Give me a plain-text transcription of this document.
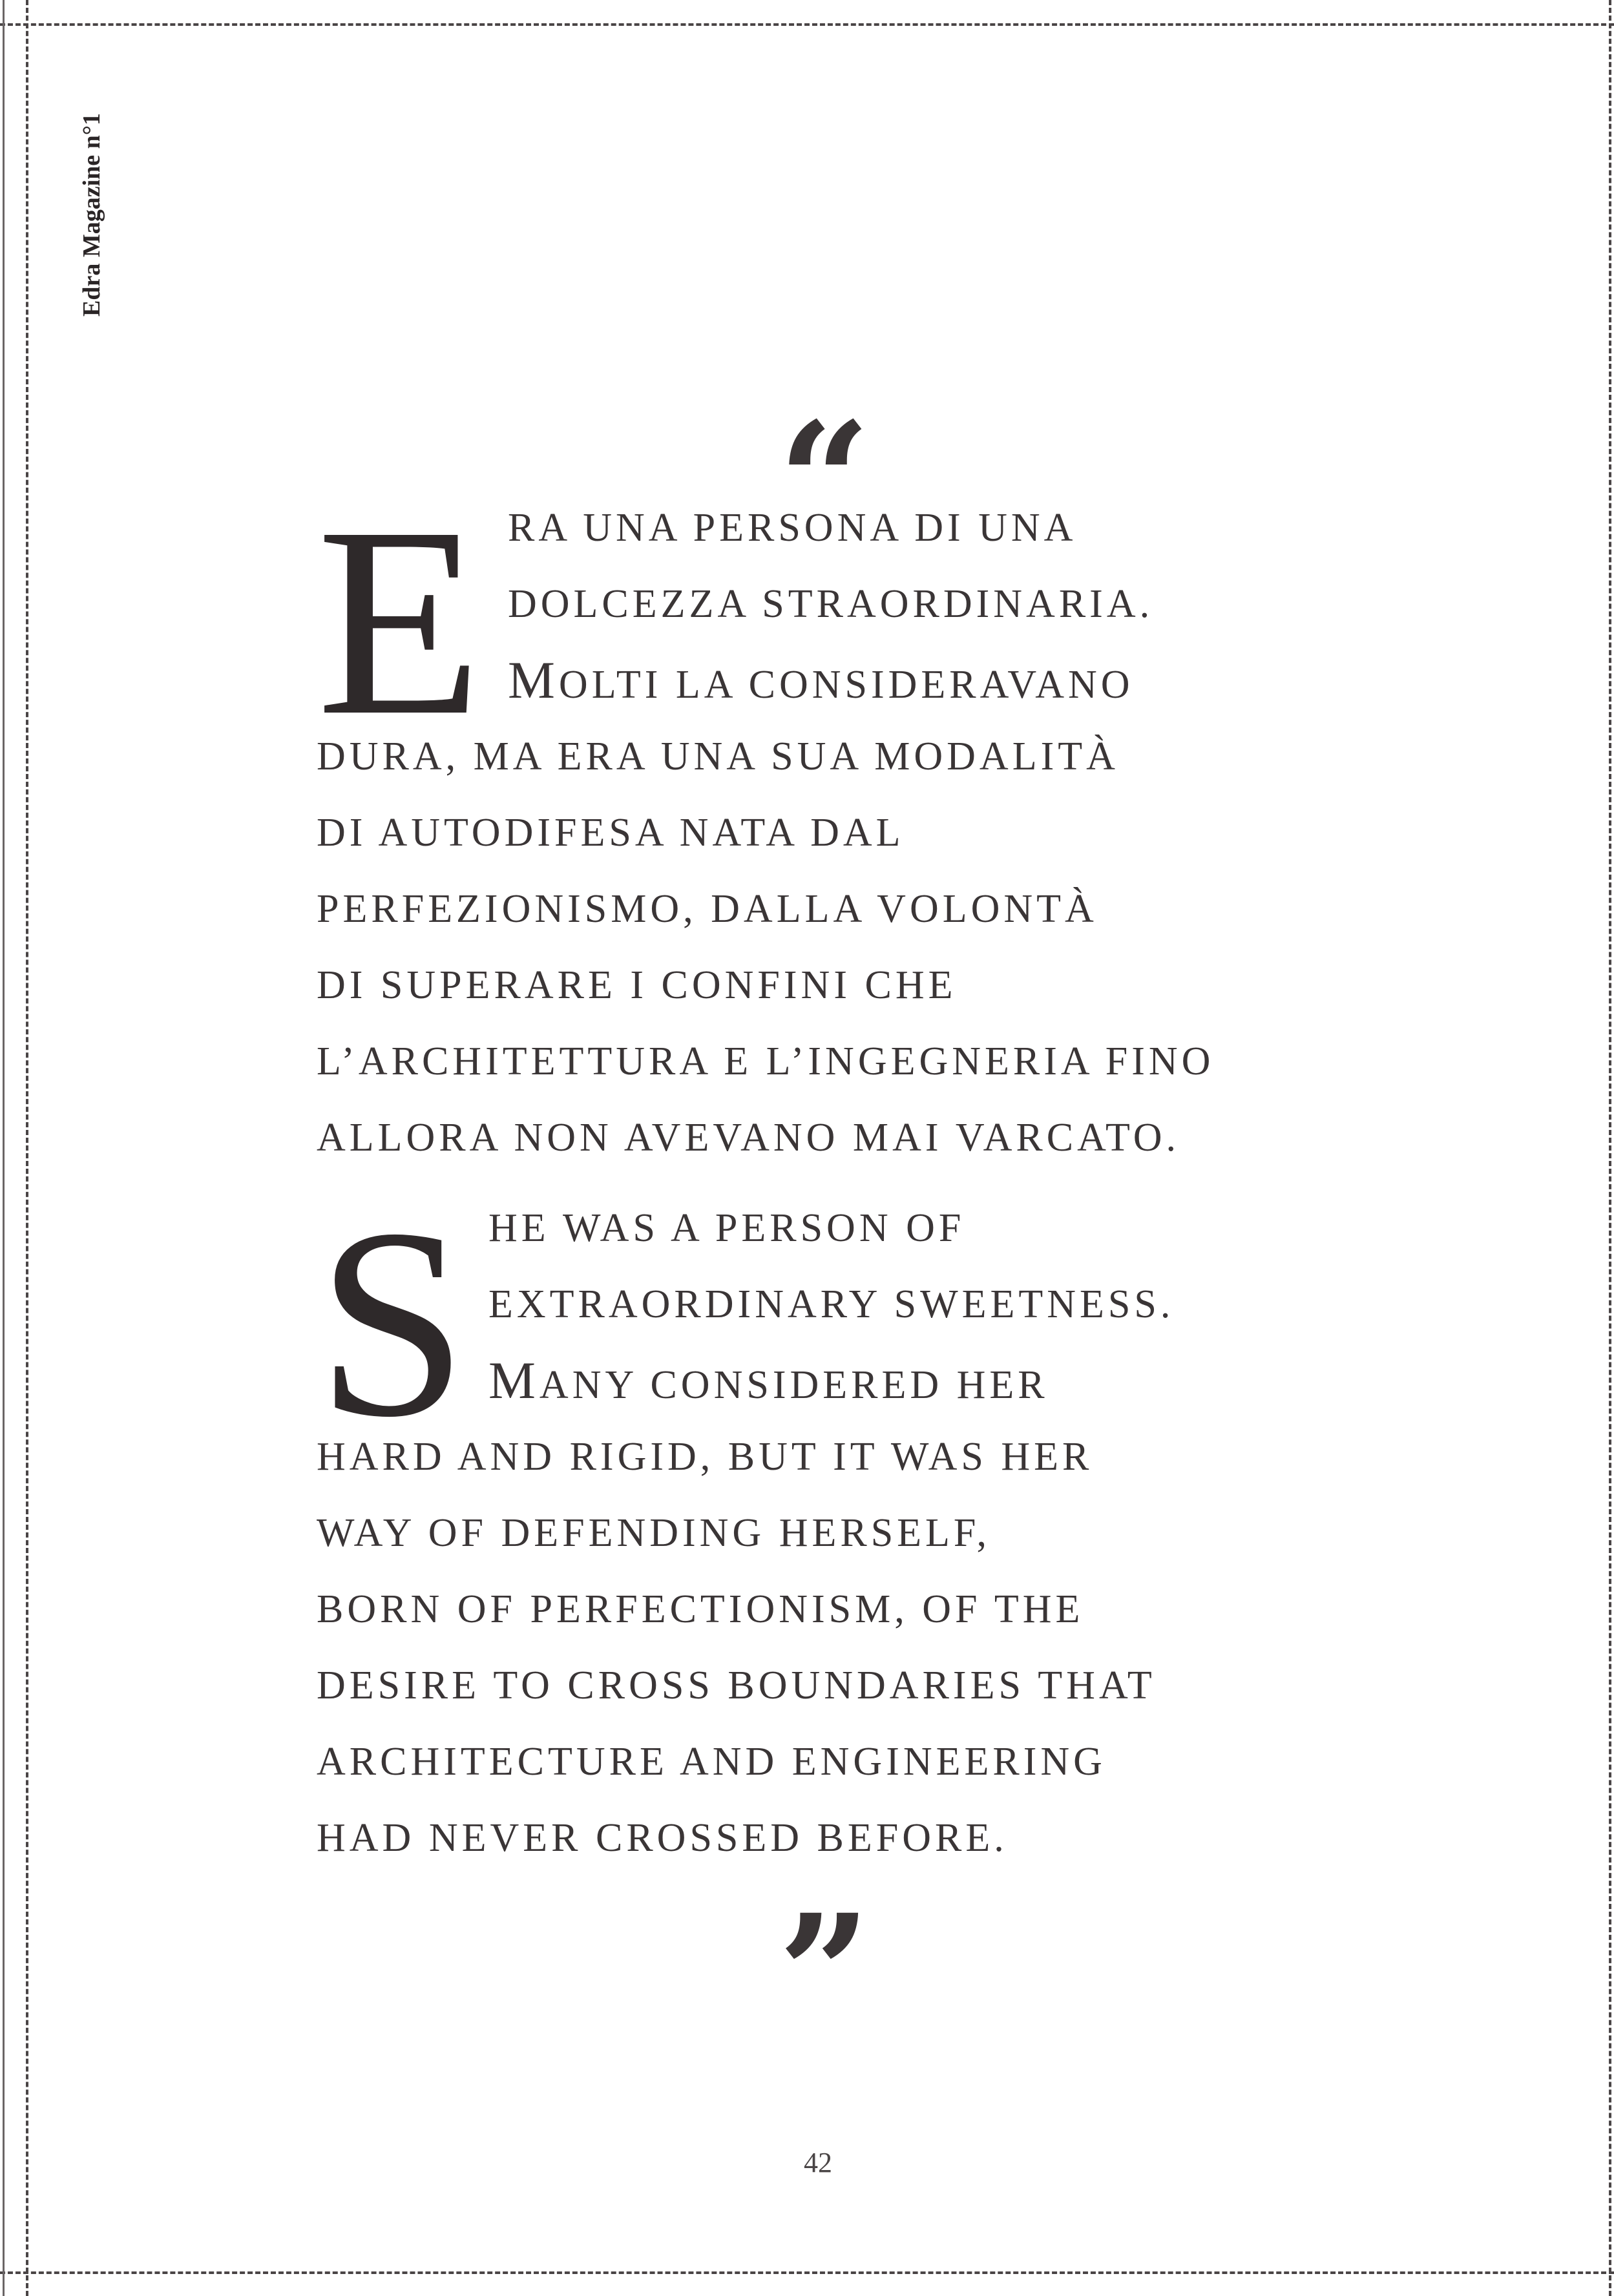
Edra Magazine n°1
“
E RA UNA PERSONA DI UNA
DOLCEZZA STRAORDINARIA.
MOLTI LA CONSIDERAVANO
DURA, MA ERA UNA SUA MODALITÀ
DI AUTODIFESA NATA DAL
PERFEZIONISMO, DALLA VOLONTÀ
DI SUPERARE I CONFINI CHE
L’ARCHITETTURA E L’INGEGNERIA FINO
ALLORA NON AVEVANO MAI VARCATO.
S HE WAS A PERSON OF
EXTRAORDINARY SWEETNESS.
MANY CONSIDERED HER
HARD AND RIGID, BUT IT WAS HER
WAY OF DEFENDING HERSELF,
BORN OF PERFECTIONISM, OF THE
DESIRE TO CROSS BOUNDARIES THAT
ARCHITECTURE AND ENGINEERING
HAD NEVER CROSSED BEFORE.
”
42
